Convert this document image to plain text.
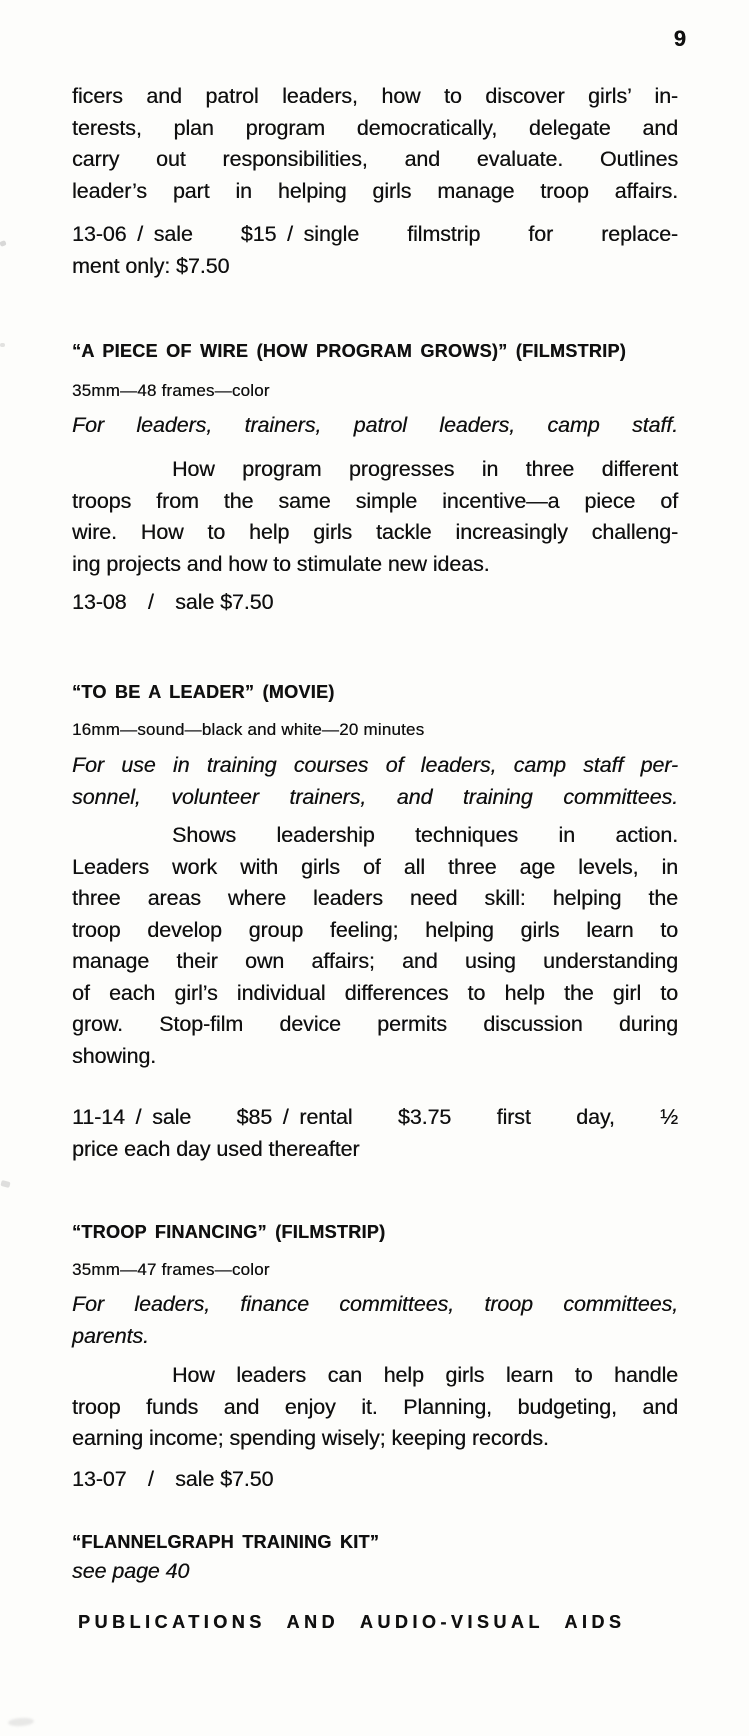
9
ficers and patrol leaders, how to discover girls’ in-
terests, plan program democratically, delegate and
carry out responsibilities, and evaluate. Outlines
leader’s part in helping girls manage troop affairs.
13-06 / sale $15 / single filmstrip for replace-
ment only: $7.50
“A PIECE OF WIRE (HOW PROGRAM GROWS)” (FILMSTRIP)
35mm—48 frames—color
For leaders, trainers, patrol leaders, camp staff.
How program progresses in three different
troops from the same simple incentive—a piece of
wire. How to help girls tackle increasingly challeng-
ing projects and how to stimulate new ideas.
13-08 / sale $7.50
“TO BE A LEADER” (MOVIE)
16mm—sound—black and white—20 minutes
For use in training courses of leaders, camp staff per-
sonnel, volunteer trainers, and training committees.
Shows leadership techniques in action.
Leaders work with girls of all three age levels, in
three areas where leaders need skill: helping the
troop develop group feeling; helping girls learn to
manage their own affairs; and using understanding
of each girl’s individual differences to help the girl to
grow. Stop-film device permits discussion during
showing.
11-14 / sale $85 / rental $3.75 first day, ½
price each day used thereafter
“TROOP FINANCING” (FILMSTRIP)
35mm—47 frames—color
For leaders, finance committees, troop committees,
parents.
How leaders can help girls learn to handle
troop funds and enjoy it. Planning, budgeting, and
earning income; spending wisely; keeping records.
13-07 / sale $7.50
“FLANNELGRAPH TRAINING KIT”
see page 40
PUBLICATIONS AND AUDIO-VISUAL AIDS
